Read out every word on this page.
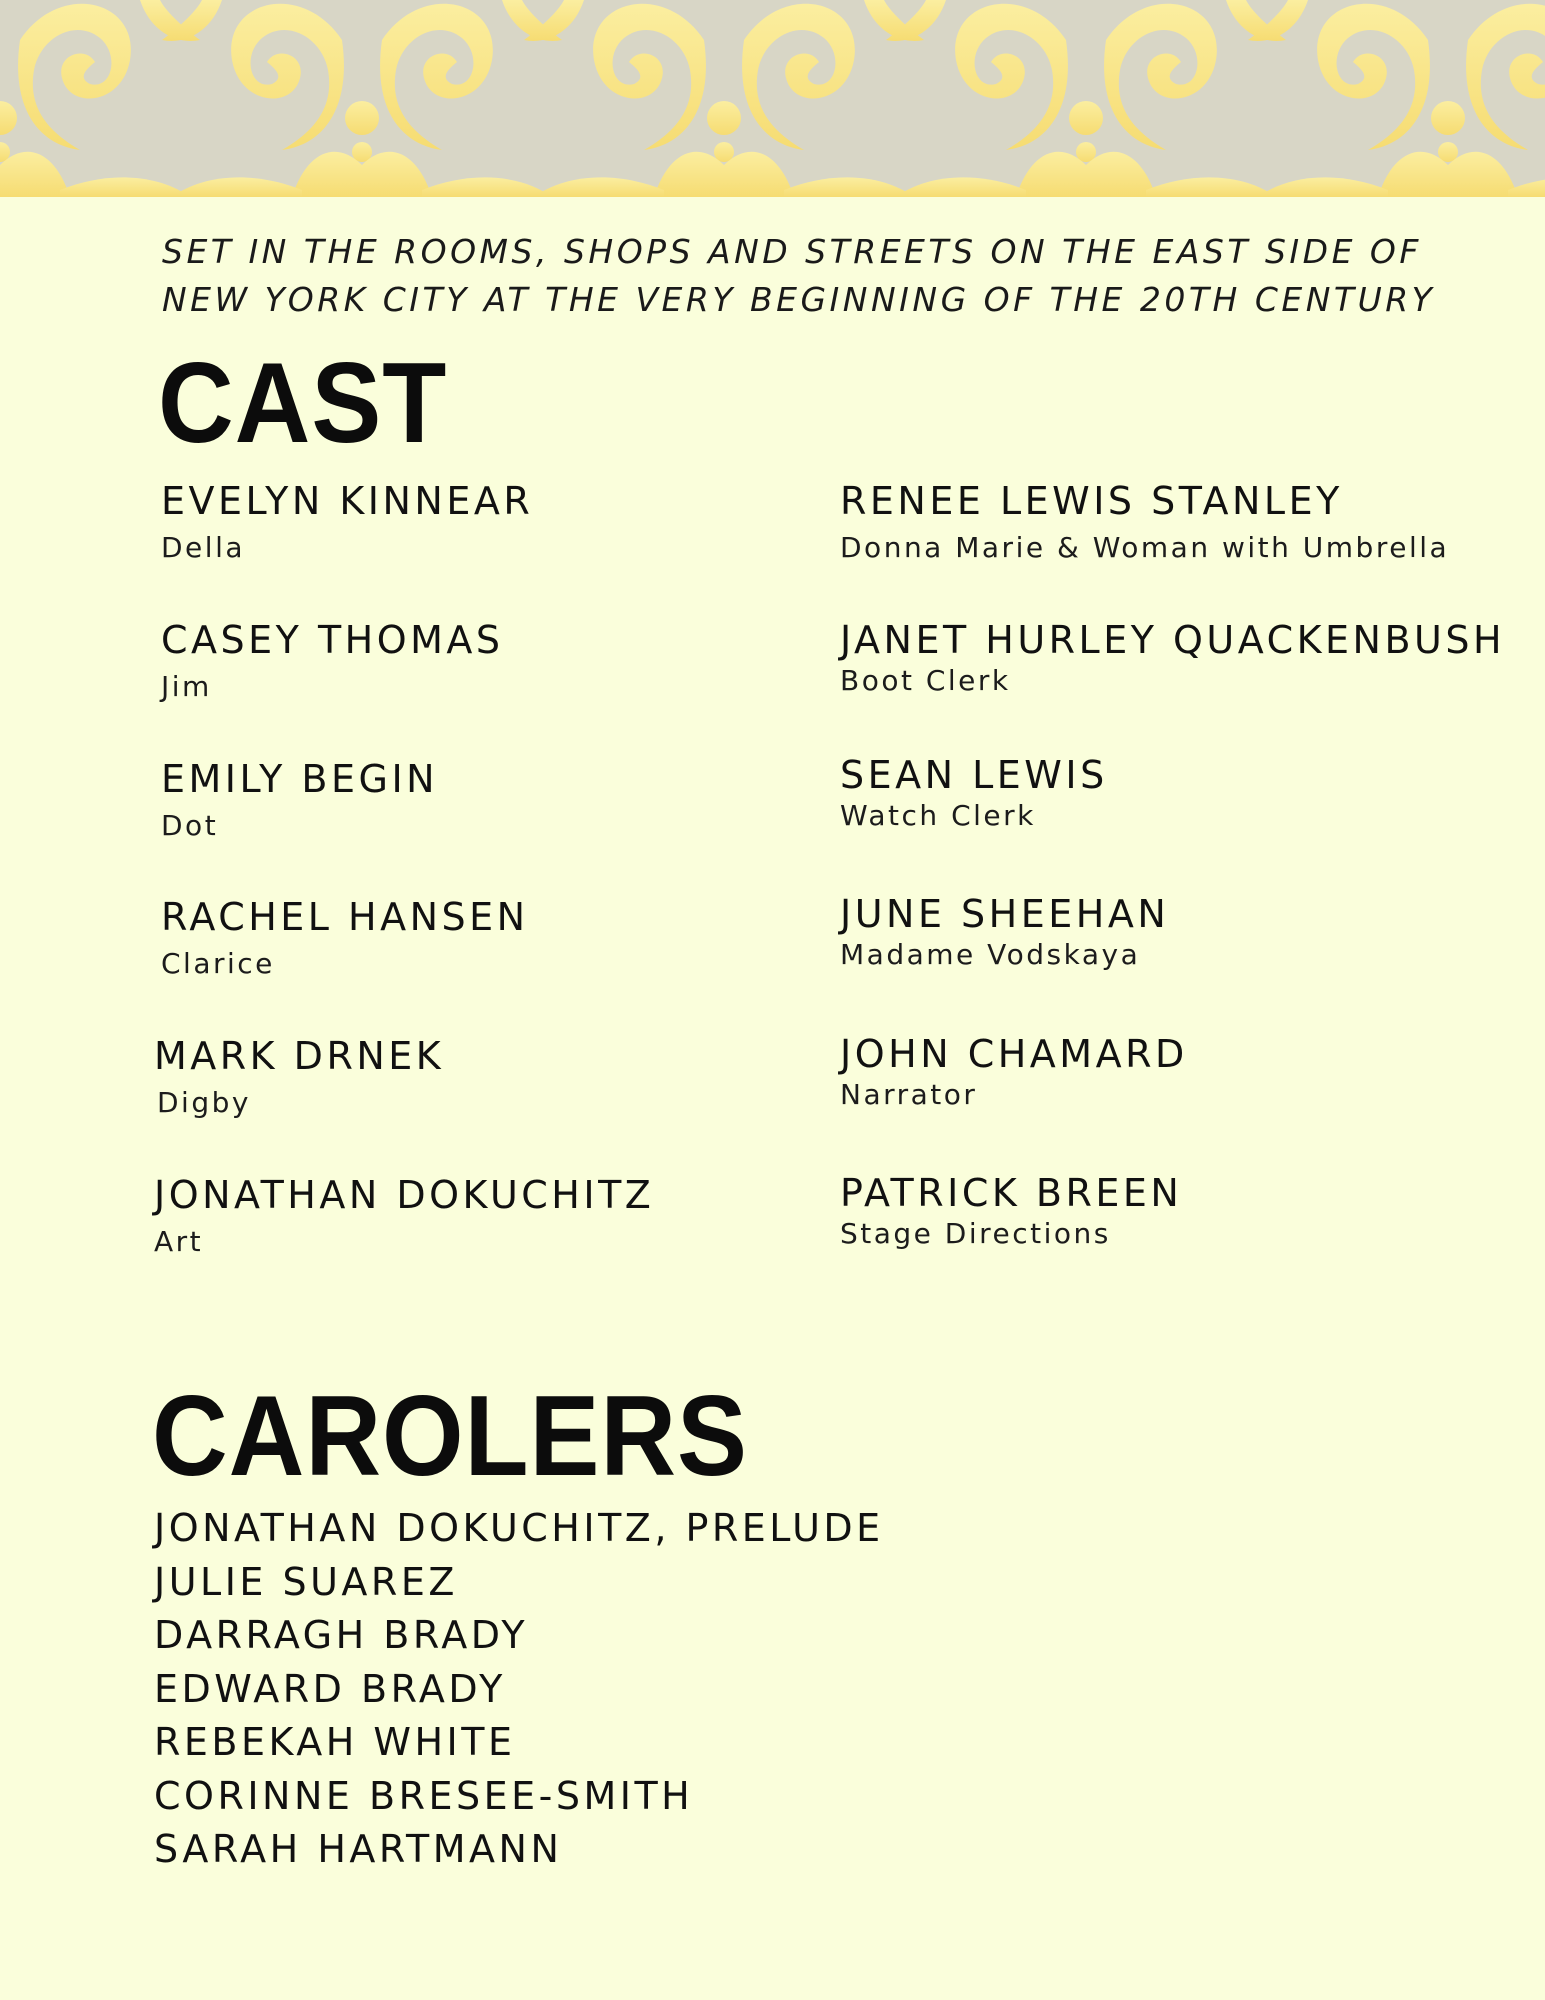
SET IN THE ROOMS, SHOPS AND STREETS ON THE EAST SIDE OF
NEW YORK CITY AT THE VERY BEGINNING OF THE 20TH CENTURY
CAST
EVELYN KINNEAR
Della
CASEY THOMAS
Jim
EMILY BEGIN
Dot
RACHEL HANSEN
Clarice
MARK DRNEK
Digby
JONATHAN DOKUCHITZ
Art
RENEE LEWIS STANLEY
Donna Marie & Woman with Umbrella
JANET HURLEY QUACKENBUSH
Boot Clerk
SEAN LEWIS
Watch Clerk
JUNE SHEEHAN
Madame Vodskaya
JOHN CHAMARD
Narrator
PATRICK BREEN
Stage Directions
CAROLERS
JONATHAN DOKUCHITZ, PRELUDE
JULIE SUAREZ
DARRAGH BRADY
EDWARD BRADY
REBEKAH WHITE
CORINNE BRESEE-SMITH
SARAH HARTMANN
